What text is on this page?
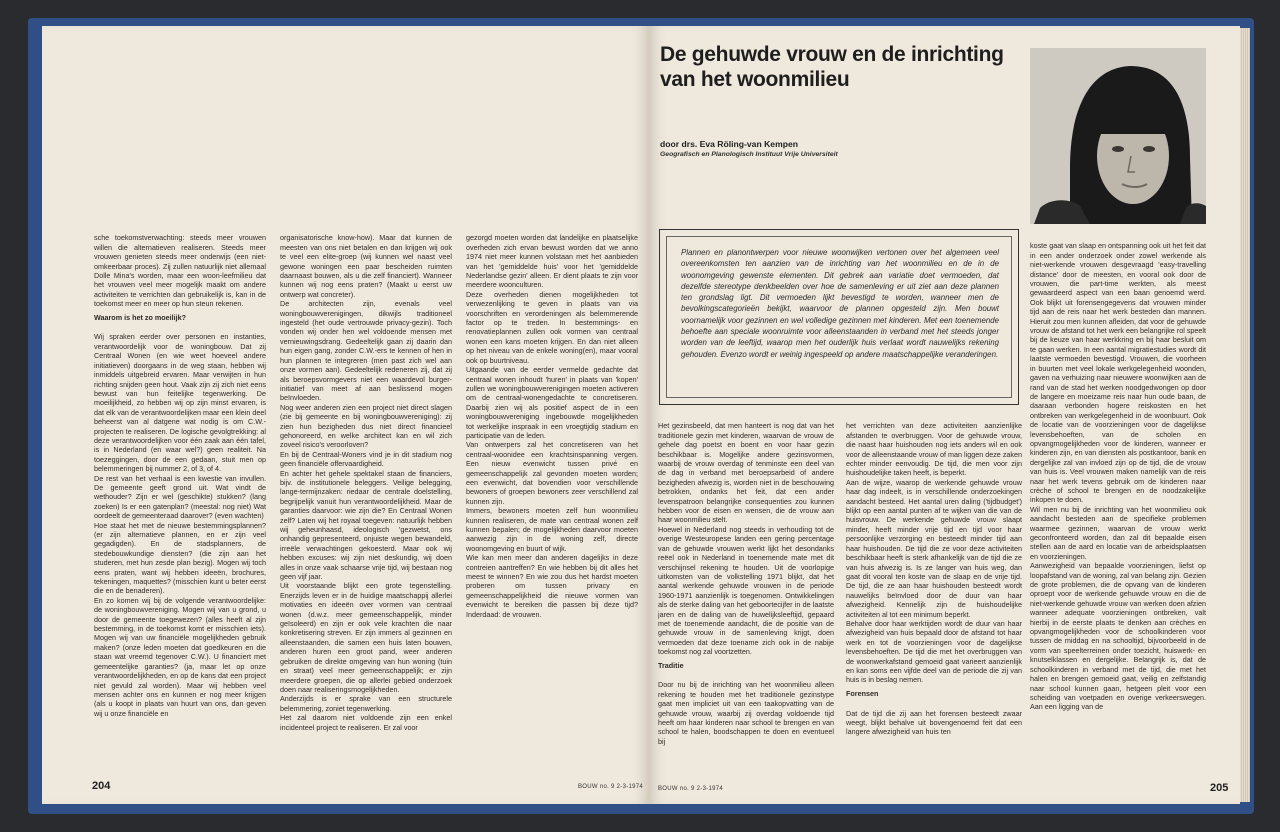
sche toekomstverwachting: steeds meer vrouwen willen die alternatieven realiseren. Steeds meer vrouwen genieten steeds meer onderwijs (een niet-omkeerbaar proces). Zij zullen natuurlijk niet allemaal Dolle Mina's worden, maar een woon-leefmilieu dat het vrouwen veel meer mogelijk maakt om andere activiteiten te verrichten dan gebruikelijk is, kan in de toekomst meer en meer op hun steun rekenen.

Waarom is het zo moeilijk?

Wij spraken eerder over personen en instanties, verantwoordelijk voor de woningbouw. Dat zij Centraal Wonen (en wie weet hoeveel andere initiatieven) doorgaans in de weg staan, hebben wij inmiddels uitgebreid ervaren. Maar verwijten in hun richting snijden geen hout. Vaak zijn zij zich niet eens bewust van hun feitelijke tegenwerking. De moeilijkheid, zo hebben wij op zijn minst ervaren, is dat elk van de verantwoordelijken maar een klein deel beheerst van al datgene wat nodig is om C.W.-projecten te realiseren. De logische gevolgtrekking: al deze verantwoordelijken voor één zaak aan één tafel, is in Nederland (en waar wel?) geen realiteit. Na toezeggingen, door de een gedaan, stuit men op belemmeringen bij nummer 2, of 3, of 4.
De rest van het verhaal is een kwestie van invullen. De gemeente geeft grond uit. Wat vindt de wethouder? Zijn er wel (geschikte) stukken? (lang zoeken) Is er een gatenplan? (meestal: nog niet) Wat oordeelt de gemeenteraad daarover? (even wachten)
Hoe staat het met de nieuwe bestemmingsplannen? (er zijn alternatieve plannen, en er zijn veel gegadigden). En de stadsplanners, de stedebouwkundige diensten? (die zijn aan het studeren, met hun zesde plan bezig). Mogen wij toch eens praten, want wij hebben ideeën, brochures, tekeningen, maquettes? (misschien kunt u beter eerst die en de benaderen).
En zo komen wij bij de volgende verantwoordelijke: de woningbouwvereniging. Mogen wij van u grond, u door de gemeente toegewezen? (alles heeft al zijn bestemming, in de toekomst komt er misschien iets). Mogen wij van uw financiële mogelijkheden gebruik maken? (onze leden moeten dat goedkeuren en die staan wat vreemd tegenover C.W.). U financiert met gemeentelijke garanties? (ja, maar let op onze verantwoordelijkheden, en op de kans dat een project niet gevuld zal worden). Maar wij hebben veel mensen achter ons en kunnen er nog meer krijgen (als u koopt in plaats van huurt van ons, dan geven wij u onze financiële en

organisatorische know-how). Maar dat kunnen de meesten van ons niet betalen en dan krijgen wij ook te veel een elite-groep (wij kunnen wel naast veel gewone woningen een paar bescheiden ruimten daarnaast bouwen, als u die zelf financiert). Wanneer kunnen wij nog eens praten? (Maakt u eerst uw ontwerp wat concreter).
De architecten zijn, evenals veel woningbouwverenigingen, dikwijls traditioneel ingesteld (het oude vertrouwde privacy-gezin). Toch vonden wij onder hen wel voldoende mensen met vernieuwingsdrang. Gedeeltelijk gaan zij daarin dan hun eigen gang, zonder C.W.-ers te kennen of hen in hun plannen te integreren (men past zich wel aan onze vormen aan). Gedeeltelijk redeneren zij, dat zij als beroepsvormgevers niet een waardevol burger-initiatief van meet af aan beslissend mogen beïnvloeden.
Nog weer anderen zien een project niet direct slagen (zie bij gemeente en bij woningbouwvereniging): zij zien hun bezigheden dus niet direct financieel gehonoreerd, en welke architect kan en wil zich zoveel risico's veroorloven?
En bij de Centraal-Woners vind je in dit stadium nog geen financiële offervaardigheid.
En achter het gehele spektakel staan de financiers, bijv. de institutionele beleggers. Veilige belegging, lange-termijnzaken: riedaar de centrale doelstelling, begrijpelijk vanuit hun verantwoordelijkheid. Maar de garanties daarvoor: wie zijn die? En Centraal Wonen zelf? Laten wij het royaal toegeven: natuurlijk hebben wij geheunhaasd, ideologisch 'gezwetst, ons onhandig gepresenteerd, onjuiste wegen bewandeld, irreële verwachtingen gekoesterd. Maar ook wij hebben excuses: wij zijn niet deskundig, wij doen alles in onze vaak schaarse vrije tijd, wij bestaan nog geen vijf jaar.
Uit voorstaande blijkt een grote tegenstelling. Enerzijds leven er in de huidige maatschappij allerlei motivaties en ideeën over vormen van centraal wonen (d.w.z. meer gemeenschappelijk, minder geïsoleerd) en zijn er ook vele krachten die naar konkretisering streven. Er zijn immers al gezinnen en alleenstaanden, die samen een huis laten bouwen, anderen huren een groot pand, weer anderen gebruiken de direkte omgeving van hun woning (tuin en straat) veel meer gemeenschappelijk; er zijn meerdere groepen, die op allerlei gebied onderzoek doen naar realiseringsmogelijkheden.
Anderzijds is er sprake van een structurele belemmering, zoniet tegenwerking.
Het zal daarom niet voldoende zijn een enkel incidenteel project te realiseren. Er zal voor

gezorgd moeten worden dat landelijke en plaatselijke overheden zich ervan bewust worden dat we anno 1974 niet meer kunnen volstaan met het aanbieden van het 'gemiddelde huis' voor het 'gemiddelde Nederlandse gezin' alleen. Er dient plaats te zijn voor meerdere woonculturen.
Deze overheden dienen mogelijkheden tot verwezenlijking te geven in plaats van via voorschriften en verordeningen als belemmerende factor op te treden. In bestemmings- en renovatieplannen zullen ook vormen van centraal wonen een kans moeten krijgen. En dan niet alleen op het niveau van de enkele woning(en), maar vooral ook op buurtniveau.
Uitgaande van de eerder vermelde gedachte dat centraal wonen inhoudt 'huren' in plaats van 'kopen' zullen we woningbouwverenigingen moeten activeren om de centraal-wonengedachte te concretiseren. Daarbij zien wij als positief aspect de in een woningbouwvereniging ingebouwde mogelijkheden tot werkelijke inspraak in een vroegtijdig stadium en participatie van de leden.
Van ontwerpers zal het concretiseren van het centraal-woonidee een krachtsinspanning vergen. Een nieuw evenwicht tussen privé en gemeenschappelijk zal gevonden moeten worden; een evenwicht, dat bovendien voor verschillende bewoners of groepen bewoners zeer verschillend zal kunnen zijn.
Immers, bewoners moeten zelf hun woonmilieu kunnen realiseren, de mate van centraal wonen zelf kunnen bepalen; de mogelijkheden daarvoor moeten aanwezig zijn in de woning zelf, directe woonomgeving en buurt of wijk.
Wie kan men meer dan anderen dagelijks in deze contreien aantreffen? En wie hebben bij dit alles het meest te winnen? En wie zou dus het hardst moeten proberen om tussen privacy en gemeenschappelijkheid die nieuwe vormen van evenwicht te bereiken die passen bij deze tijd? Inderdaad: de vrouwen.

204	BOUW no. 9 2-3-1974
De gehuwde vrouw en de inrichting van het woonmilieu
door drs. Eva Röling-van Kempen
Geografisch en Planologisch Instituut Vrije Universiteit
Plannen en planontwerpen voor nieuwe woonwijken vertonen over het algemeen veel overeenkomsten ten aanzien van de inrichting van het woonmilieu en de in de woonomgeving gewenste elementen. Dit gebrek aan variatie doet vermoeden, dat dezelfde stereotype denkbeelden over hoe de samenleving er uit ziet aan deze plannen ten grondslag ligt. Dit vermoeden lijkt bevestigd te worden, wanneer men de bevolkingscategorieën bekijkt, waarvoor de plannen opgesteld zijn. Men bouwt voornamelijk voor gezinnen en wel volledige gezinnen met kinderen. Met een toenemende behoefte aan speciale woonruimte voor alleenstaanden in verband met het steeds jonger worden van de leeftijd, waarop men het ouderlijk huis verlaat wordt nauwelijks rekening gehouden. Evenzo wordt er weinig ingespeeld op andere maatschappelijke veranderingen.

Het gezinsbeeld, dat men hanteert is nog dat van het traditionele gezin met kinderen, waarvan de vrouw de gehele dag poetst en boent en voor haar gezin beschikbaar is. Mogelijke andere gezinsvormen, waarbij de vrouw overdag of tenminste een deel van de dag in verband met beroepsarbeid of andere bezigheden afwezig is, worden niet in de beschouwing betrokken, ondanks het feit, dat een ander levenspatroon belangrijke consequenties zou kunnen hebben voor de eisen en wensen, die de vrouw aan haar woonmilieu stelt.
Hoewel in Nederland nog steeds in verhouding tot de overige Westeuropese landen een gering percentage van de gehuwde vrouwen werkt lijkt het desondanks reëel ook in Nederland in toenemende mate met dit verschijnsel rekening te houden. Uit de voorlopige uitkomsten van de volkstelling 1971 blijkt, dat het aantal werkende gehuwde vrouwen in de periode 1960-1971 aanzienlijk is toegenomen. Ontwikkelingen als de sterke daling van het geboortecijfer in de laatste jaren en de daling van de huwelijksleeftijd, gepaard met de toenemende aandacht, die de positie van de gehuwde vrouw in de samenleving krijgt, doen vermoeden dat deze toename zich ook in de nabije toekomst nog zal voortzetten.

Traditie

Door nu bij de inrichting van het woonmilieu alleen rekening te houden met het traditionele gezinstype gaat men impliciet uit van een taakopvatting van de gehuwde vrouw, waarbij zij overdag voldoende tijd heeft om haar kinderen naar school te brengen en van school te halen, boodschappen te doen en eventueel bij

het verrichten van deze activiteiten aanzienlijke afstanden te overbruggen. Voor de gehuwde vrouw, die naast haar huishouden nog iets anders wil en ook voor de alleenstaande vrouw of man liggen deze zaken echter minder eenvoudig. De tijd, die men voor zijn huishoudelijke taken heeft, is beperkt.
Aan de wijze, waarop de werkende gehuwde vrouw haar dag indeelt, is in verschillende onderzoekingen aandacht besteed. Het aantal uren daling ('tijdbudget') blijkt op een aantal punten af te wijken van die van de huisvrouw. De werkende gehuwde vrouw slaapt minder, heeft minder vrije tijd en tijd voor haar persoonlijke verzorging en besteedt minder tijd aan haar huishouden. De tijd die ze voor deze activiteiten beschikbaar heeft is sterk afhankelijk van de tijd die ze van huis afwezig is. Is ze langer van huis weg, dan gaat dit vooral ten koste van de slaap en de vrije tijd. De tijd, die ze aan haar huishouden besteedt wordt nauwelijks beïnvloed door de duur van haar afwezigheid. Kennelijk zijn de huishoudelijke activiteiten al tot een minimum beperkt.
Behalve door haar werktijden wordt de duur van haar afwezigheid van huis bepaald door de afstand tot haar werk en tot de voorzieningen voor de dagelijkse levensbehoeften. De tijd die met het overbruggen van de woonwerkafstand gemoeid gaat varieert aanzienlijk en kan soms een vijfde deel van de periode die zij van huis is in beslag nemen.

Forensen

Dat de tijd die zij aan het forensen besteedt zwaar weegt, blijkt behalve uit bovengenoemd feit dat een langere afwezigheid van huis ten

koste gaat van slaap en ontspanning ook uit het feit dat in een ander onderzoek onder zowel werkende als niet-werkende vrouwen desgevraagd 'easy-travelling distance' door de meesten, en vooral ook door de vrouwen, die part-time werkten, als meest gewaardeerd aspect van een baan genoemd werd. Ook blijkt uit forensengegevens dat vrouwen minder tijd aan de reis naar het werk besteden dan mannen. Hieruit zou men kunnen afleiden, dat voor de gehuwde vrouw de afstand tot het werk een belangrijke rol speelt bij de keuze van haar werkkring en bij haar besluit om te gaan werken. In een aantal migratiestudies wordt dit laatste vermoeden bevestigd. Vrouwen, die voorheen in buurten met veel lokale werkgelegenheid woonden, gaven na verhuizing naar nieuwere woonwijken aan de rand van de stad het werken noodgedwongen op door de langere en moeizame reis naar hun oude baan, de daaraan verbonden hogere reiskosten en het ontbreken van werkgelegenheid in de woonbuurt. Ook de locatie van de voorzieningen voor de dagelijkse levensbehoeften, van de scholen en opvangmogelijkheden voor de kinderen, wanneer er kinderen zijn, en van diensten als postkantoor, bank en dergelijke zal van invloed zijn op de tijd, die de vrouw van huis is. Veel vrouwen maken namelijk van de reis naar het werk tevens gebruik om de kinderen naar crèche of school te brengen en de noodzakelijke inkopen te doen.
Wil men nu bij de inrichting van het woonmilieu ook aandacht besteden aan de specifieke problemen waarmee gezinnen, waarvan de vrouw werkt geconfronteerd worden, dan zal dit bepaalde eisen stellen aan de aard en locatie van de arbeidsplaatsen en voorzieningen.
Aanwezigheid van bepaalde voorzieningen, liefst op loopafstand van de woning, zal van belang zijn. Gezien de grote problemen, die de opvang van de kinderen oproept voor de werkende gehuwde vrouw en die de niet-werkende gehuwde vrouw van werken doen afzien wanneer adequate voorzieningen ontbreken, valt hierbij in de eerste plaats te denken aan crèches en opvangmogelijkheden voor de schoolkinderen voor tussen de middag en na schooltijd, bijvoorbeeld in de vorm van speelterreinen onder toezicht, huiswerk- en knutselklassen en dergelijke. Belangrijk is, dat de schoolkinderen in verband met de tijd, die met het halen en brengen gemoeid gaat, veilig en zelfstandig naar school kunnen gaan, hetgeen pleit voor een scheiding van voetpaden en overige verkeerswegen. Aan een ligging van de

BOUW no. 9 2-3-1974	205
